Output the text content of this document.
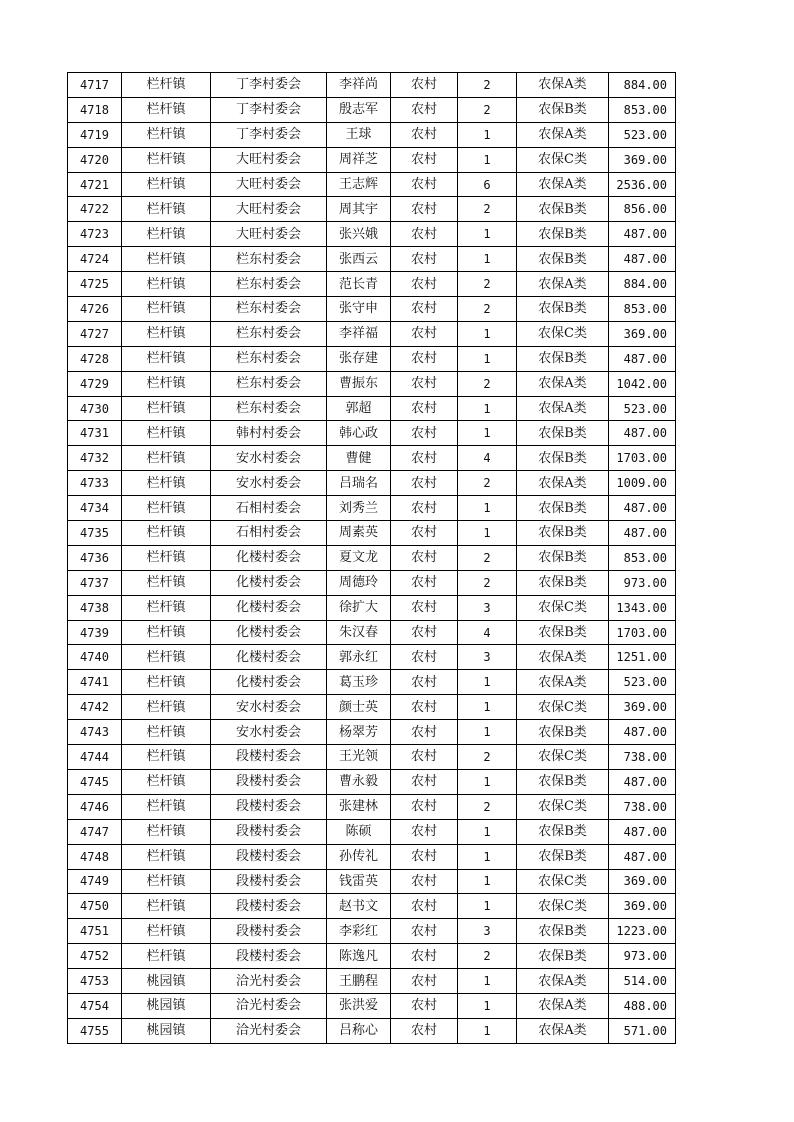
4717	栏杆镇	丁李村委会	李祥尚	农村	2	农保A类	884.00
4718	栏杆镇	丁李村委会	殷志军	农村	2	农保B类	853.00
4719	栏杆镇	丁李村委会	王球	农村	1	农保A类	523.00
4720	栏杆镇	大旺村委会	周祥芝	农村	1	农保C类	369.00
4721	栏杆镇	大旺村委会	王志辉	农村	6	农保A类	2536.00
4722	栏杆镇	大旺村委会	周其宇	农村	2	农保B类	856.00
4723	栏杆镇	大旺村委会	张兴娥	农村	1	农保B类	487.00
4724	栏杆镇	栏东村委会	张西云	农村	1	农保B类	487.00
4725	栏杆镇	栏东村委会	范长青	农村	2	农保A类	884.00
4726	栏杆镇	栏东村委会	张守申	农村	2	农保B类	853.00
4727	栏杆镇	栏东村委会	李祥福	农村	1	农保C类	369.00
4728	栏杆镇	栏东村委会	张存建	农村	1	农保B类	487.00
4729	栏杆镇	栏东村委会	曹振东	农村	2	农保A类	1042.00
4730	栏杆镇	栏东村委会	郭超	农村	1	农保A类	523.00
4731	栏杆镇	韩村村委会	韩心政	农村	1	农保B类	487.00
4732	栏杆镇	安水村委会	曹健	农村	4	农保B类	1703.00
4733	栏杆镇	安水村委会	吕瑞名	农村	2	农保A类	1009.00
4734	栏杆镇	石相村委会	刘秀兰	农村	1	农保B类	487.00
4735	栏杆镇	石相村委会	周素英	农村	1	农保B类	487.00
4736	栏杆镇	化楼村委会	夏文龙	农村	2	农保B类	853.00
4737	栏杆镇	化楼村委会	周德玲	农村	2	农保B类	973.00
4738	栏杆镇	化楼村委会	徐扩大	农村	3	农保C类	1343.00
4739	栏杆镇	化楼村委会	朱汉春	农村	4	农保B类	1703.00
4740	栏杆镇	化楼村委会	郭永红	农村	3	农保A类	1251.00
4741	栏杆镇	化楼村委会	葛玉珍	农村	1	农保A类	523.00
4742	栏杆镇	安水村委会	颜士英	农村	1	农保C类	369.00
4743	栏杆镇	安水村委会	杨翠芳	农村	1	农保B类	487.00
4744	栏杆镇	段楼村委会	王光领	农村	2	农保C类	738.00
4745	栏杆镇	段楼村委会	曹永毅	农村	1	农保B类	487.00
4746	栏杆镇	段楼村委会	张建林	农村	2	农保C类	738.00
4747	栏杆镇	段楼村委会	陈硕	农村	1	农保B类	487.00
4748	栏杆镇	段楼村委会	孙传礼	农村	1	农保B类	487.00
4749	栏杆镇	段楼村委会	钱雷英	农村	1	农保C类	369.00
4750	栏杆镇	段楼村委会	赵书文	农村	1	农保C类	369.00
4751	栏杆镇	段楼村委会	李彩红	农村	3	农保B类	1223.00
4752	栏杆镇	段楼村委会	陈逸凡	农村	2	农保B类	973.00
4753	桃园镇	洽光村委会	王鹏程	农村	1	农保A类	514.00
4754	桃园镇	洽光村委会	张洪爱	农村	1	农保A类	488.00
4755	桃园镇	洽光村委会	吕称心	农村	1	农保A类	571.00
